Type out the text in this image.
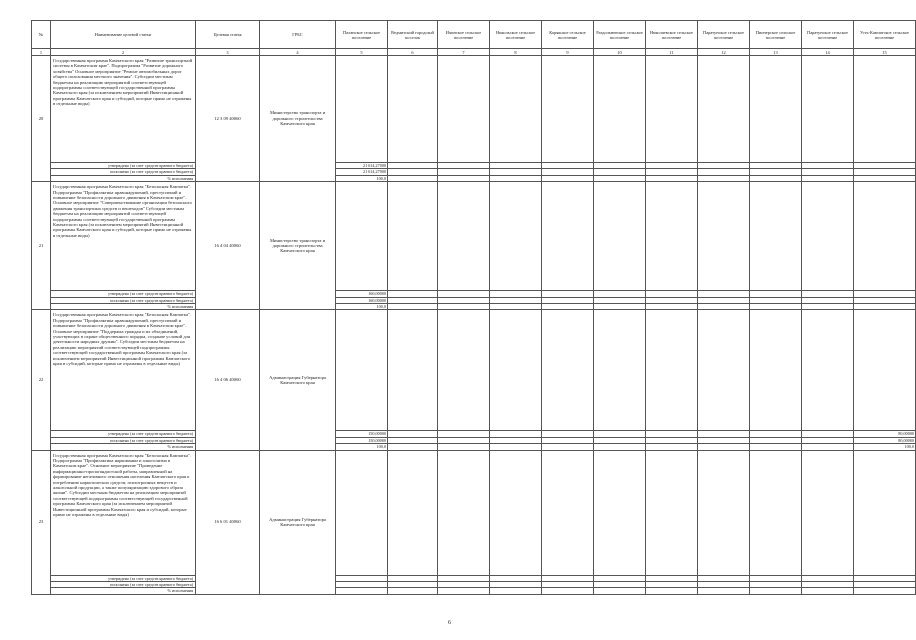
№	Наименование целевой статьи	Целевая статья	ГРБС	Паланское сельское поселение	Ведмитский городской поселок	Ичинское сельское поселение	Никольское сельское поселение	Корякское сельское поселение	Раздольненское сельское поселение	Николаевское сельское поселение	Паратунское сельское поселение	Пионерское сельское поселение	Паратунское сельское поселение	Усть-Камчатское сельское поселение
1	2	3	4	5	6	7	8	9	10	11	12	13	14	15
20	Государственная программа Камчатского края "Развитие транспортной системы в Камчатском крае". Подпрограмма "Развитие дорожного хозяйства" Основное мероприятие "Ремонт автомобильных дорог общего пользования местного значения". Субсидии местным бюджетам на реализацию мероприятий соответствующей подпрограммы соответствующей государственной программы Камчатского края (за исключением мероприятий Инвестиционной программы Камчатского края и субсидий, которые прямо не отражены в отдельные виды)	12 3 09 40060	Министерство транспорта и дорожного строительства Камчатского края											
	утверждено (за счет средств краевого бюджета)			21 614,27000										
	исполнено (за счет средств краевого бюджета)			21 614,27000										
	% исполнения			100,0										
21	Государственная программа Камчатского края "Безопасная Камчатка". Подпрограмма "Профилактика правонарушений, преступлений и повышение безопасности дорожного движения в Камчатском крае". Основное мероприятие "Совершенствование организации безопасного движения транспортных средств и пешеходов" Субсидии местным бюджетам на реализацию мероприятий соответствующей подпрограммы соответствующей государственной программы Камчатского края (за исключением мероприятий Инвестиционной программы Камчатского края и субсидий, которые прямо не отражены в отдельные виды)	16 4 04 40060	Министерство транспорта и дорожного строительства Камчатского края											
	утверждено (за счет средств краевого бюджета)			160,00000										
	исполнено (за счет средств краевого бюджета)			160,00000										
	% исполнения			100,0										
22	Государственная программа Камчатского края "Безопасная Камчатка". Подпрограмма "Профилактика правонарушений, преступлений и повышение безопасности дорожного движения в Камчатском крае". Основное мероприятие "Поддержка граждан и их объединений, участвующих в охране общественного порядка, создание условий для деятельности народных дружин". Субсидии местным бюджетам на реализацию мероприятий соответствующей подпрограммы соответствующей государственной программы Камчатского края (за исключением мероприятий Инвестиционной программы Камчатского края и субсидий, которые прямо не отражены в отдельные виды)	16 4 06 40060	Администрация Губернатора Камчатского края											
	утверждено (за счет средств краевого бюджета)			150,00000										80,00000
	исполнено (за счет средств краевого бюджета)			150,00000										80,00000
	% исполнения			100,0										100,0
23	Государственная программа Камчатского края "Безопасная Камчатка". Подпрограмма "Профилактика наркомании и алкоголизма в Камчатском крае". Основное мероприятие "Проведение информационно-пропагандистской работы, направленной на формирование негативного отношения населения Камчатского края к потреблению наркотических средств, психотропных веществ и алкогольной продукции, а также популяризацию здорового образа жизни". Субсидии местным бюджетам на реализацию мероприятий соответствующей подпрограммы соответствующей государственной программы Камчатского края (за исключением мероприятий Инвестиционной программы Камчатского края и субсидий, которые прямо не отражены в отдельные виды)	16 6 01 40060	Администрация Губернатора Камчатского края											
	утверждено (за счет средств краевого бюджета)													
	исполнено (за счет средств краевого бюджета)													
	% исполнения													
6
